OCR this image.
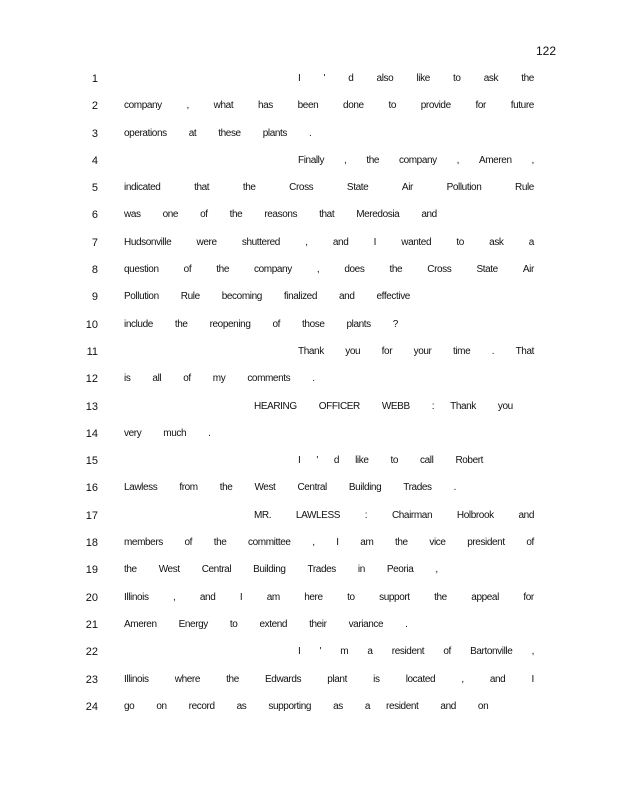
122
1	I ' d also like to ask the
2	company , what has been done to provide for future
3	operations at these plants .
4	Finally , the company , Ameren ,
5	indicated	that	the	Cross	State	Air	Pollution	Rule
6	was one of the reasons that Meredosia and
7	Hudsonville	were	shuttered	,	and	I	wanted	to	ask	a
8	question	of	the	company	,	does	the	Cross	State	Air
9	Pollution Rule becoming finalized and effective
10	include the reopening of those plants ?
11	Thank you for your time . That
12	is all of my comments .
13	HEARING OFFICER WEBB : Thank you
14	very much .
15	I ' d like to call Robert
16	Lawless from the West Central Building Trades .
17	MR. LAWLESS : Chairman Holbrook and
18	members of the committee , I am the vice president of
19	the West Central Building Trades in Peoria ,
20	Illinois , and I am here to support the appeal for
21	Ameren Energy to extend their variance .
22	I ' m a resident of Bartonville ,
23	Illinois	where	the	Edwards	plant	is	located	,	and	I
24	go on record as supporting as a resident and on
